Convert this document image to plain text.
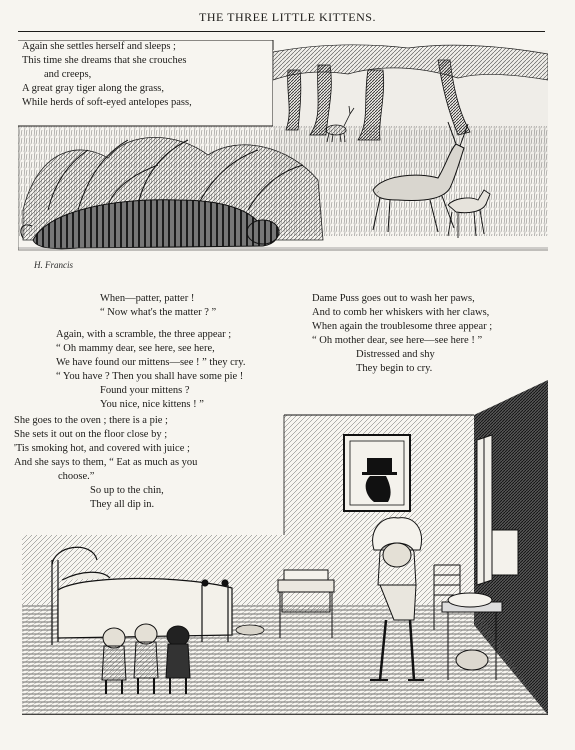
THE THREE LITTLE KITTENS.
H. Francis
Again she settles herself and sleeps ;
This time she dreams that she crouches
and creeps,
A great gray tiger along the grass,
While herds of soft-eyed antelopes pass,
When—patter, patter !
“ Now what's the matter ? ”
Again, with a scramble, the three appear ;
“ Oh mammy dear, see here, see here,
We have found our mittens—see ! ” they cry.
“ You have ? Then you shall have some pie !
Found your mittens ?
You nice, nice kittens ! ”
Dame Puss goes out to wash her paws,
And to comb her whiskers with her claws,
When again the troublesome three appear ;
“ Oh mother dear, see here—see here ! ”
Distressed and shy
They begin to cry.
She goes to the oven ; there is a pie ;
She sets it out on the floor close by ;
'Tis smoking hot, and covered with juice ;
And she says to them, “ Eat as much as you
choose.”
So up to the chin,
They all dip in.
